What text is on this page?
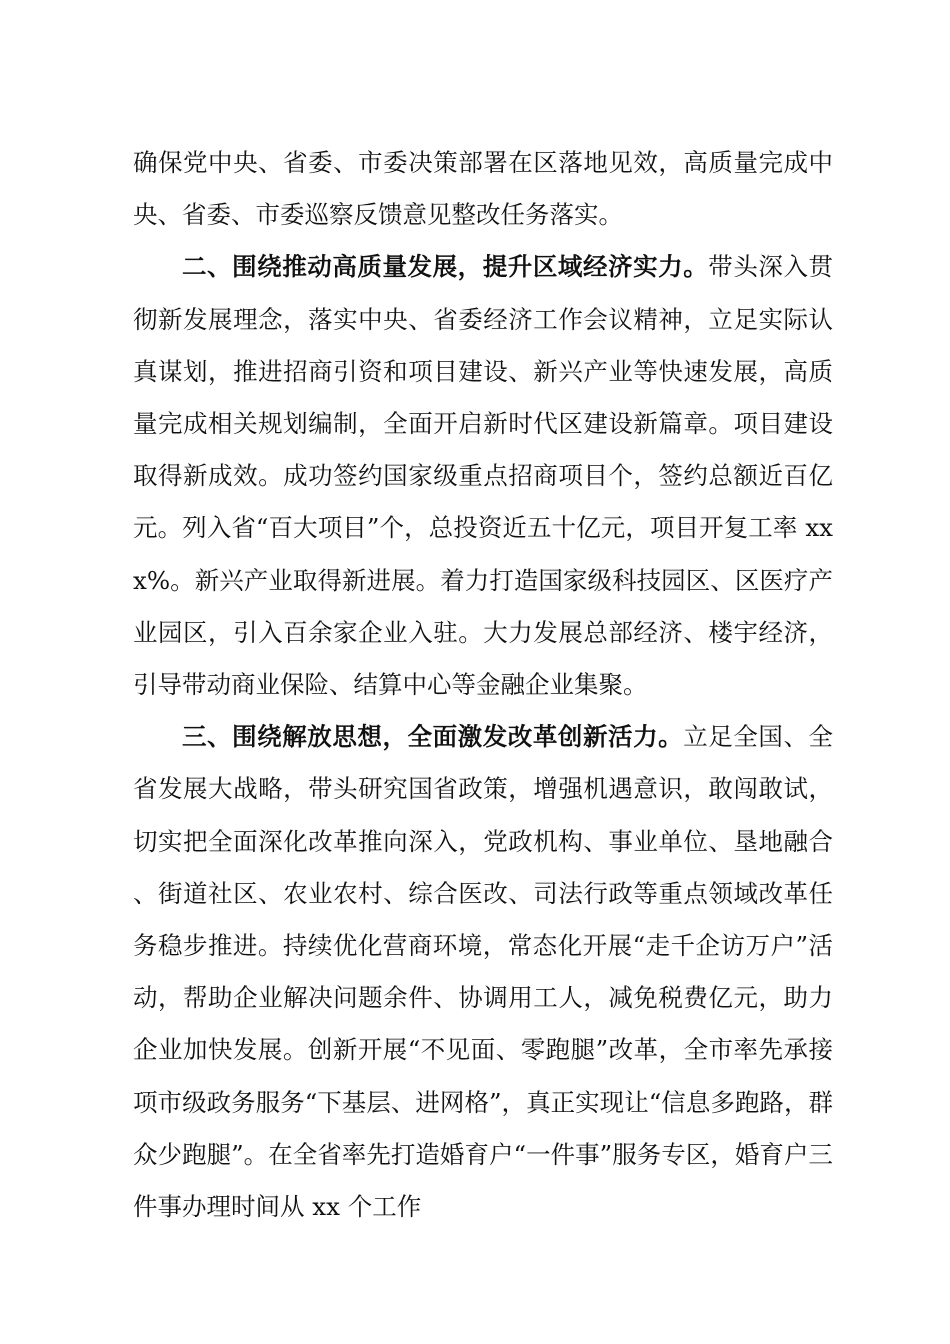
确保党中央、省委、市委决策部署在区落地见效，高质量完成中央、省委、市委巡察反馈意见整改任务落实。

二、围绕推动高质量发展，提升区域经济实力。带头深入贯彻新发展理念，落实中央、省委经济工作会议精神，立足实际认真谋划，推进招商引资和项目建设、新兴产业等快速发展，高质量完成相关规划编制，全面开启新时代区建设新篇章。项目建设取得新成效。成功签约国家级重点招商项目个，签约总额近百亿元。列入省“百大项目”个，总投资近五十亿元，项目开复工率 xxx%。新兴产业取得新进展。着力打造国家级科技园区、区医疗产业园区，引入百余家企业入驻。大力发展总部经济、楼宇经济，引导带动商业保险、结算中心等金融企业集聚。

三、围绕解放思想，全面激发改革创新活力。立足全国、全省发展大战略，带头研究国省政策，增强机遇意识，敢闯敢试，切实把全面深化改革推向深入，党政机构、事业单位、垦地融合、街道社区、农业农村、综合医改、司法行政等重点领域改革任务稳步推进。持续优化营商环境，常态化开展“走千企访万户”活动，帮助企业解决问题余件、协调用工人，减免税费亿元，助力企业加快发展。创新开展“不见面、零跑腿”改革，全市率先承接项市级政务服务“下基层、进网格”，真正实现让“信息多跑路，群众少跑腿”。在全省率先打造婚育户“一件事”服务专区，婚育户三件事办理时间从 xx 个工作
